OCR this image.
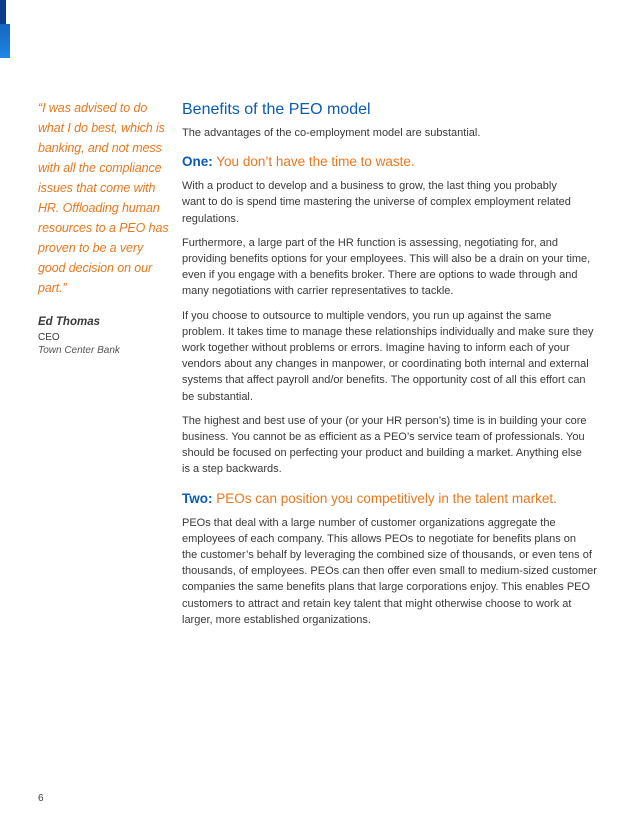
“I was advised to do
what I do best, which is
banking, and not mess
with all the compliance
issues that come with
HR. Offloading human
resources to a PEO has
proven to be a very
good decision on our
part.”

Ed Thomas

CEO

Town Center Bank

Benefits of the PEO model

The advantages of the co-employment model are substantial.

One: You don’t have the time to waste.

With a product to develop and a business to grow, the last thing you probably
want to do is spend time mastering the universe of complex employment related
regulations.

Furthermore, a large part of the HR function is assessing, negotiating for, and
providing benefits options for your employees. This will also be a drain on your time,
even if you engage with a benefits broker. There are options to wade through and
many negotiations with carrier representatives to tackle.

If you choose to outsource to multiple vendors, you run up against the same
problem. It takes time to manage these relationships individually and make sure they
work together without problems or errors. Imagine having to inform each of your
vendors about any changes in manpower, or coordinating both internal and external
systems that affect payroll and/or benefits. The opportunity cost of all this effort can
be substantial.

The highest and best use of your (or your HR person’s) time is in building your core
business. You cannot be as efficient as a PEO’s service team of professionals. You
should be focused on perfecting your product and building a market. Anything else
is a step backwards.

Two: PEOs can position you competitively in the talent market.

PEOs that deal with a large number of customer organizations aggregate the
employees of each company. This allows PEOs to negotiate for benefits plans on
the customer’s behalf by leveraging the combined size of thousands, or even tens of
thousands, of employees. PEOs can then offer even small to medium-sized customer
companies the same benefits plans that large corporations enjoy. This enables PEO
customers to attract and retain key talent that might otherwise choose to work at
larger, more established organizations.

6
